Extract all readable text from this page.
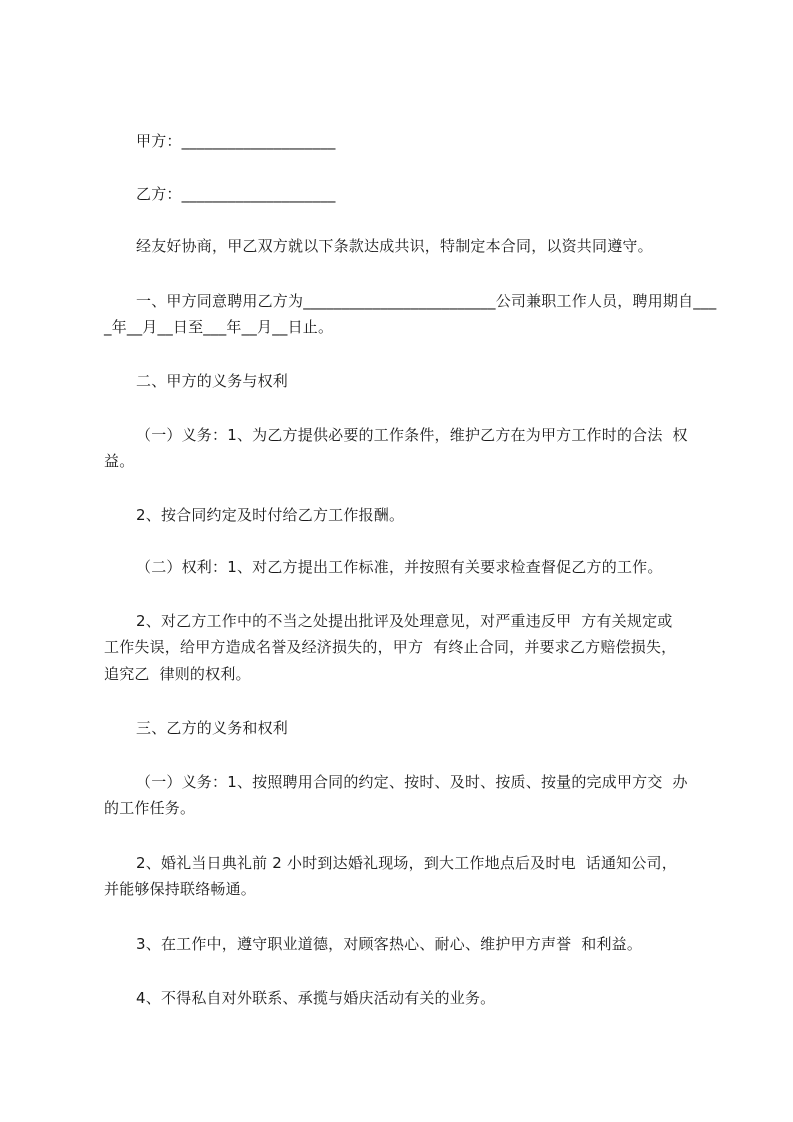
甲方：____________________
乙方：____________________
经友好协商，甲乙双方就以下条款达成共识，特制定本合同，以资共同遵守。
一、甲方同意聘用乙方为_________________________公司兼职工作人员，聘用期自___
_年__月__日至___年__月__日止。
二、甲方的义务与权利
（一）义务：1、为乙方提供必要的工作条件，维护乙方在为甲方工作时的合法  权
益。
2、按合同约定及时付给乙方工作报酬。
（二）权利：1、对乙方提出工作标准，并按照有关要求检查督促乙方的工作。
2、对乙方工作中的不当之处提出批评及处理意见，对严重违反甲  方有关规定或
工作失误，给甲方造成名誉及经济损失的，甲方  有终止合同，并要求乙方赔偿损失，
追究乙  律则的权利。
三、乙方的义务和权利
（一）义务：1、按照聘用合同的约定、按时、及时、按质、按量的完成甲方交  办
的工作任务。
2、婚礼当日典礼前 2 小时到达婚礼现场，到大工作地点后及时电  话通知公司，
并能够保持联络畅通。
3、在工作中，遵守职业道德，对顾客热心、耐心、维护甲方声誉  和利益。
4、不得私自对外联系、承揽与婚庆活动有关的业务。
